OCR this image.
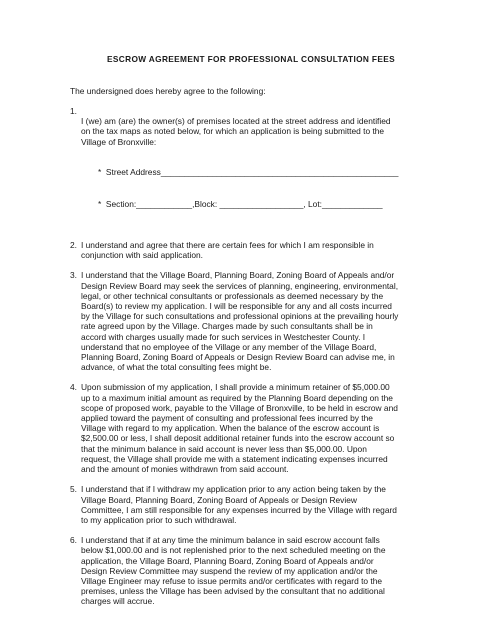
ESCROW AGREEMENT FOR PROFESSIONAL CONSULTATION FEES
The undersigned does hereby agree to the following:
1.

I (we) am (are) the owner(s) of premises located at the street address and identified
on the tax maps as noted below, for which an application is being submitted to the
Village of Bronxville:

*  Street Address___________________________________________________

*  Section:____________,Block: __________________, Lot:_____________

2. I understand and agree that there are certain fees for which I am responsible in
conjunction with said application.
3. I understand that the Village Board, Planning Board, Zoning Board of Appeals and/or
Design Review Board may seek the services of planning, engineering, environmental,
legal, or other technical consultants or professionals as deemed necessary by the
Board(s) to review my application. I will be responsible for any and all costs incurred
by the Village for such consultations and professional opinions at the prevailing hourly
rate agreed upon by the Village. Charges made by such consultants shall be in
accord with charges usually made for such services in Westchester County. I
understand that no employee of the Village or any member of the Village Board,
Planning Board, Zoning Board of Appeals or Design Review Board can advise me, in
advance, of what the total consulting fees might be.
4. Upon submission of my application, I shall provide a minimum retainer of $5,000.00
up to a maximum initial amount as required by the Planning Board depending on the
scope of proposed work, payable to the Village of Bronxville, to be held in escrow and
applied toward the payment of consulting and professional fees incurred by the
Village with regard to my application. When the balance of the escrow account is
$2,500.00 or less, I shall deposit additional retainer funds into the escrow account so
that the minimum balance in said account is never less than $5,000.00. Upon
request, the Village shall provide me with a statement indicating expenses incurred
and the amount of monies withdrawn from said account.
5. I understand that if I withdraw my application prior to any action being taken by the
Village Board, Planning Board, Zoning Board of Appeals or Design Review
Committee, I am still responsible for any expenses incurred by the Village with regard
to my application prior to such withdrawal.
6. I understand that if at any time the minimum balance in said escrow account falls
below $1,000.00 and is not replenished prior to the next scheduled meeting on the
application, the Village Board, Planning Board, Zoning Board of Appeals and/or
Design Review Committee may suspend the review of my application and/or the
Village Engineer may refuse to issue permits and/or certificates with regard to the
premises, unless the Village has been advised by the consultant that no additional
charges will accrue.
